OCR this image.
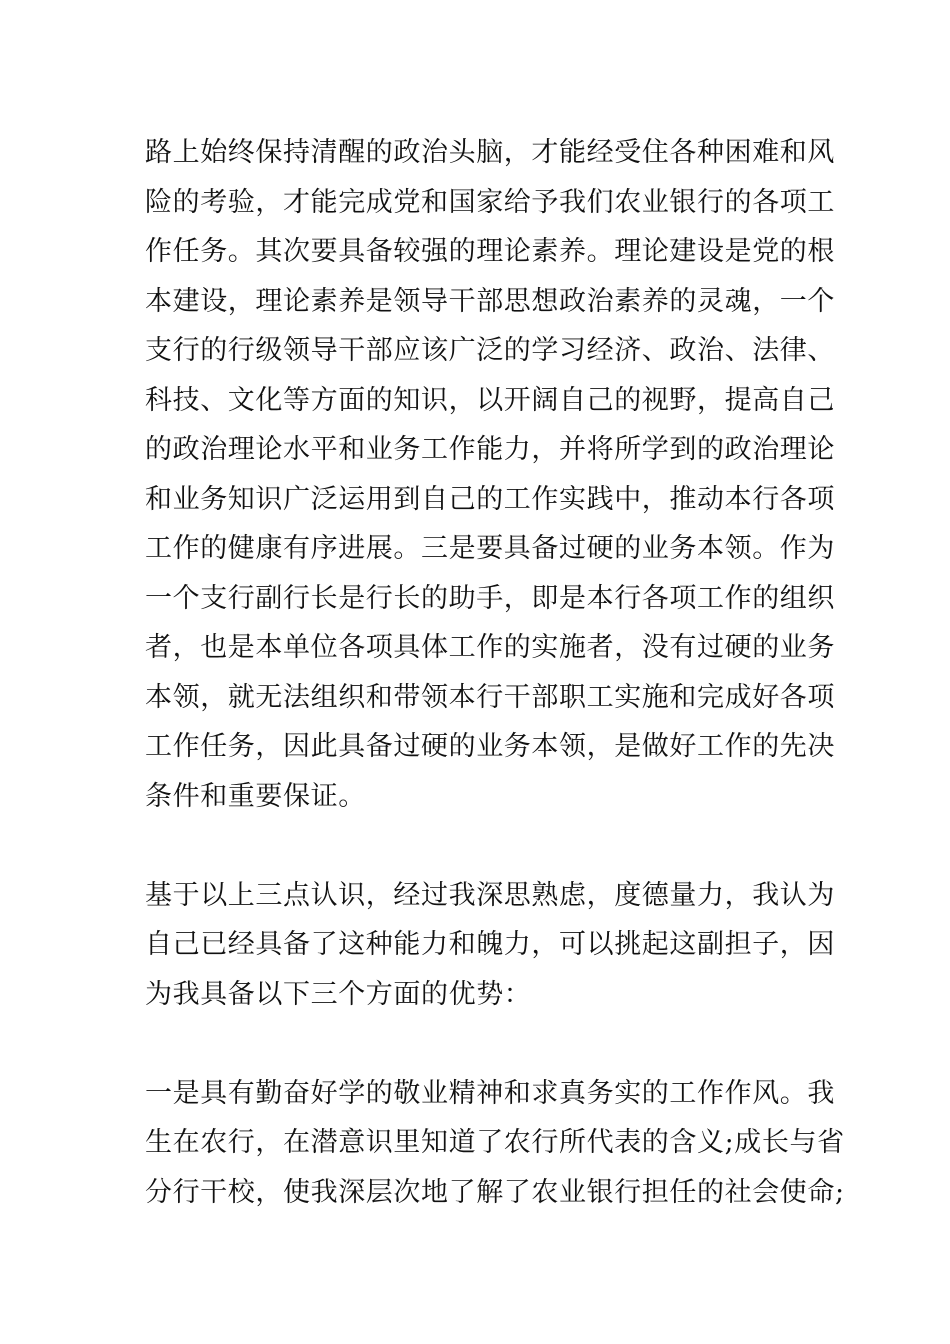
路上始终保持清醒的政治头脑，才能经受住各种困难和风
险的考验，才能完成党和国家给予我们农业银行的各项工
作任务。其次要具备较强的理论素养。理论建设是党的根
本建设，理论素养是领导干部思想政治素养的灵魂，一个
支行的行级领导干部应该广泛的学习经济、政治、法律、
科技、文化等方面的知识，以开阔自己的视野，提高自己
的政治理论水平和业务工作能力，并将所学到的政治理论
和业务知识广泛运用到自己的工作实践中，推动本行各项
工作的健康有序进展。三是要具备过硬的业务本领。作为
一个支行副行长是行长的助手，即是本行各项工作的组织
者，也是本单位各项具体工作的实施者，没有过硬的业务
本领，就无法组织和带领本行干部职工实施和完成好各项
工作任务，因此具备过硬的业务本领，是做好工作的先决
条件和重要保证。
基于以上三点认识，经过我深思熟虑，度德量力，我认为
自己已经具备了这种能力和魄力，可以挑起这副担子，因
为我具备以下三个方面的优势：
一是具有勤奋好学的敬业精神和求真务实的工作作风。我
生在农行，在潜意识里知道了农行所代表的含义;成长与省
分行干校，使我深层次地了解了农业银行担任的社会使命;
